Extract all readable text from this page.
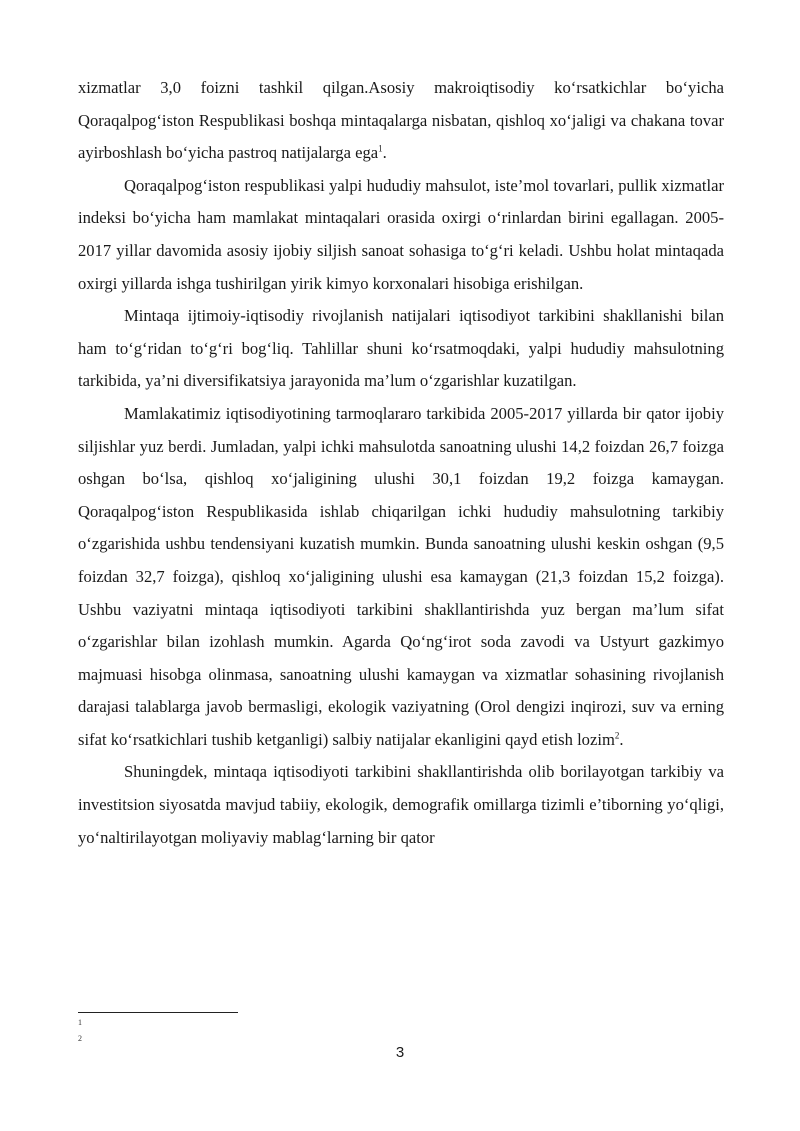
xizmatlar 3,0 foizni tashkil qilgan.Asosiy makroiqtisodiy ko‘rsatkichlar bo‘yicha Qoraqalpog‘iston Respublikasi boshqa mintaqalarga nisbatan, qishloq xo‘jaligi va chakana tovar ayirboshlash bo‘yicha pastroq natijalarga ega$^1$.

Qoraqalpog‘iston respublikasi yalpi hududiy mahsulot, iste’mol tovarlari, pullik xizmatlar indeksi bo‘yicha ham mamlakat mintaqalari orasida oxirgi o‘rinlardan birini egallagan. 2005-2017 yillar davomida asosiy ijobiy siljish sanoat sohasiga to‘g‘ri keladi. Ushbu holat mintaqada oxirgi yillarda ishga tushirilgan yirik kimyo korxonalari hisobiga erishilgan.

Mintaqa ijtimoiy-iqtisodiy rivojlanish natijalari iqtisodiyot tarkibini shakllanishi bilan ham to‘g‘ridan to‘g‘ri bog‘liq. Tahlillar shuni ko‘rsatmoqdaki, yalpi hududiy mahsulotning tarkibida, ya’ni diversifikatsiya jarayonida ma’lum o‘zgarishlar kuzatilgan.

Mamlakatimiz iqtisodiyotining tarmoqlararo tarkibida 2005-2017 yillarda bir qator ijobiy siljishlar yuz berdi. Jumladan, yalpi ichki mahsulotda sanoatning ulushi 14,2 foizdan 26,7 foizga oshgan bo‘lsa, qishloq xo‘jaligining ulushi 30,1 foizdan 19,2 foizga kamaygan. Qoraqalpog‘iston Respublikasida ishlab chiqarilgan ichki hududiy mahsulotning tarkibiy o‘zgarishida ushbu tendensiyani kuzatish mumkin. Bunda sanoatning ulushi keskin oshgan (9,5 foizdan 32,7 foizga), qishloq xo‘jaligining ulushi esa kamaygan (21,3 foizdan 15,2 foizga). Ushbu vaziyatni mintaqa iqtisodiyoti tarkibini shakllantirishda yuz bergan ma’lum sifat o‘zgarishlar bilan izohlash mumkin. Agarda Qo‘ng‘irot soda zavodi va Ustyurt gazkimyo majmuasi hisobga olinmasa, sanoatning ulushi kamaygan va xizmatlar sohasining rivojlanish darajasi talablarga javob bermasligi, ekologik vaziyatning (Orol dengizi inqirozi, suv va erning sifat ko‘rsatkichlari tushib ketganligi) salbiy natijalar ekanligini qayd etish lozim$^2$.

Shuningdek, mintaqa iqtisodiyoti tarkibini shakllantirishda olib borilayotgan tarkibiy va investitsion siyosatda mavjud tabiiy, ekologik, demografik omillarga tizimli e’tiborning yo‘qligi, yo‘naltirilayotgan moliyaviy mablag‘larning bir qator

1
2
3
